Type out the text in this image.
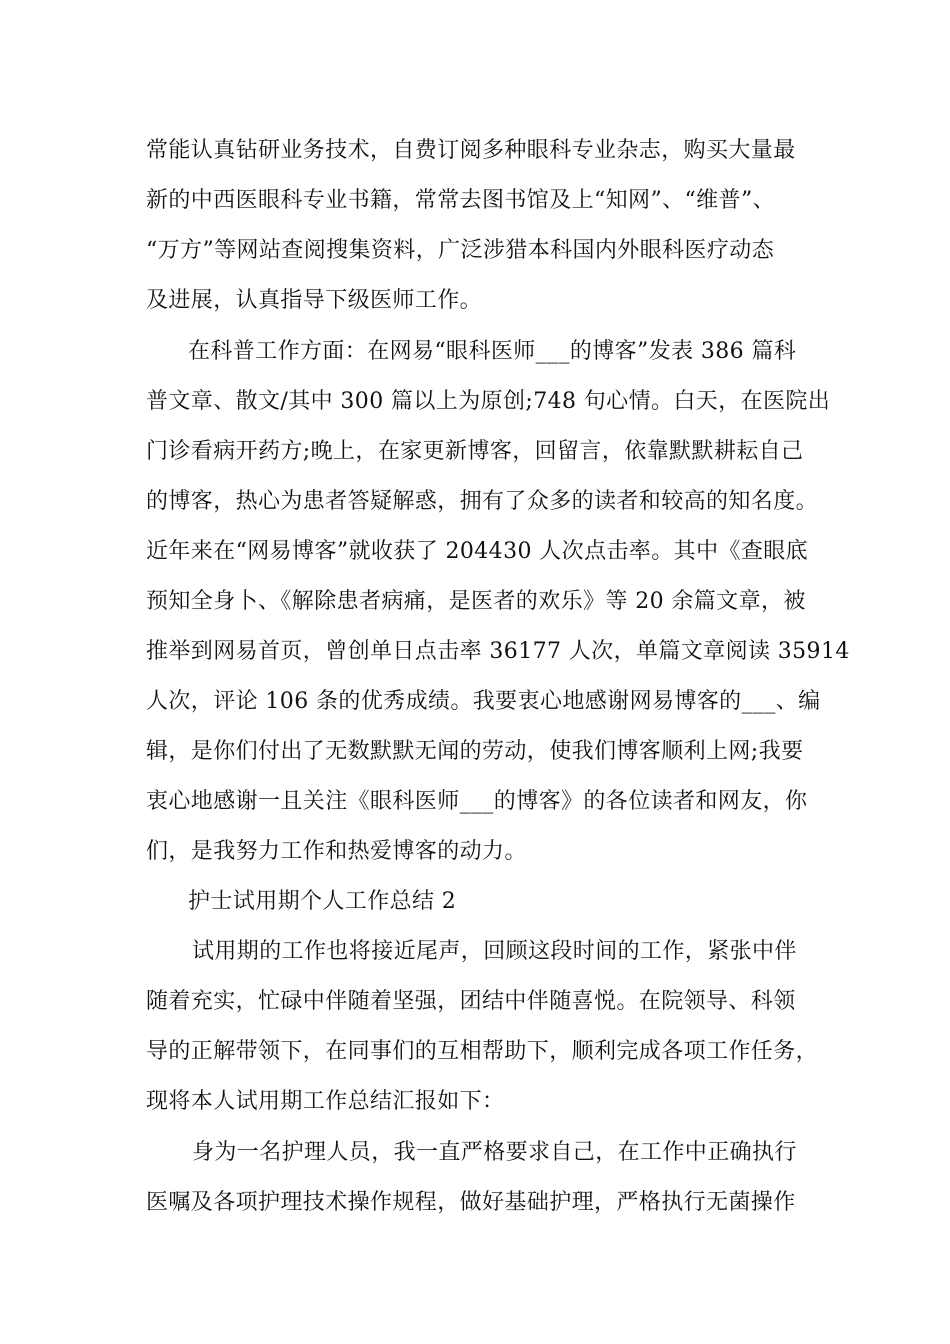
常能认真钻研业务技术，自费订阅多种眼科专业杂志，购买大量最
新的中西医眼科专业书籍，常常去图书馆及上“知网”、“维普”、
“万方”等网站查阅搜集资料，广泛涉猎本科国内外眼科医疗动态
及进展，认真指导下级医师工作。
在科普工作方面：在网易“眼科医师___的博客”发表 386 篇科
普文章、散文/其中 300 篇以上为原创;748 句心情。白天，在医院出
门诊看病开药方;晚上，在家更新博客，回留言，依靠默默耕耘自己
的博客，热心为患者答疑解惑，拥有了众多的读者和较高的知名度。
近年来在“网易博客”就收获了 204430 人次点击率。其中《查眼底
预知全身卜、《解除患者病痛，是医者的欢乐》等 20 余篇文章，被
推举到网易首页，曾创单日点击率 36177 人次，单篇文章阅读 35914
人次，评论 106 条的优秀成绩。我要衷心地感谢网易博客的___、编
辑，是你们付出了无数默默无闻的劳动，使我们博客顺利上网;我要
衷心地感谢一且关注《眼科医师___的博客》的各位读者和网友，你
们，是我努力工作和热爱博客的动力。
护士试用期个人工作总结 2
试用期的工作也将接近尾声，回顾这段时间的工作，紧张中伴
随着充实，忙碌中伴随着坚强，团结中伴随喜悦。在院领导、科领
导的正解带领下，在同事们的互相帮助下，顺利完成各项工作任务，
现将本人试用期工作总结汇报如下：
身为一名护理人员，我一直严格要求自己，在工作中正确执行
医嘱及各项护理技术操作规程，做好基础护理，严格执行无菌操作
